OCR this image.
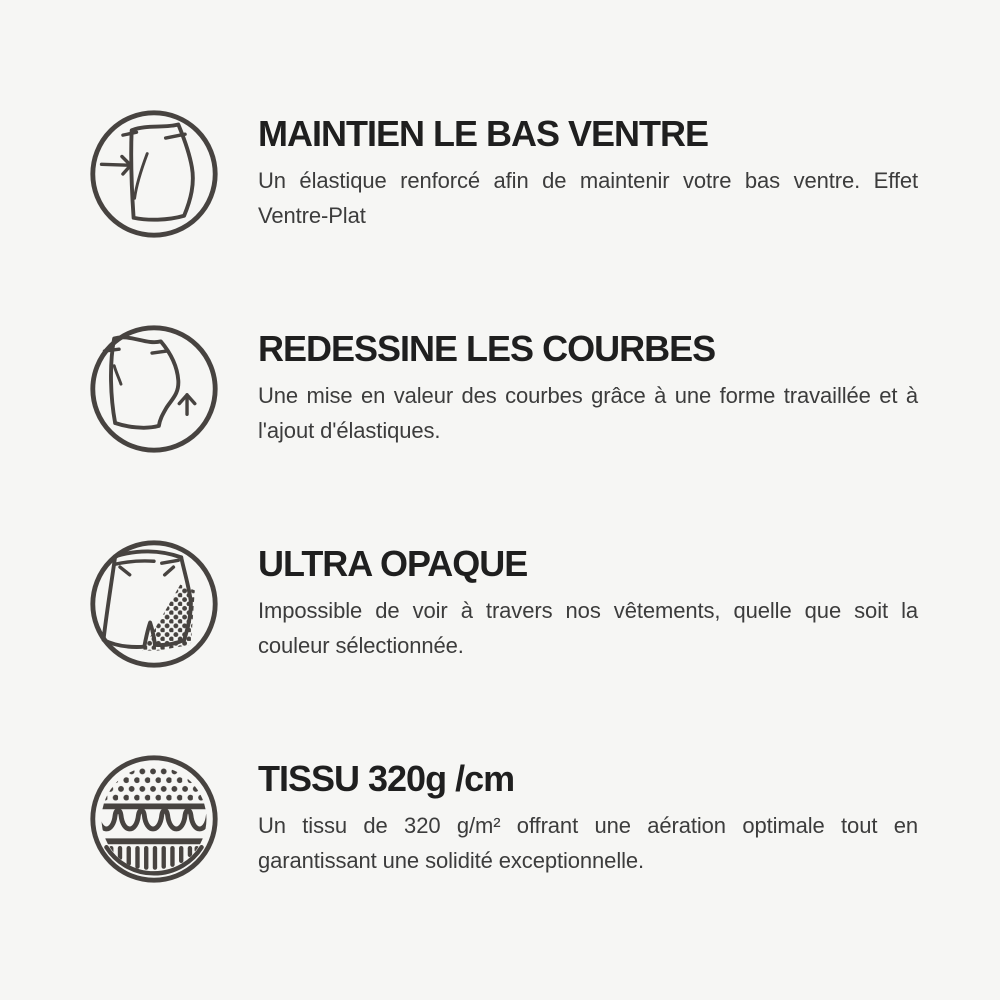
MAINTIEN LE BAS VENTRE

Un élastique renforcé afin de maintenir votre bas ventre. Effet Ventre-Plat

REDESSINE LES COURBES

Une mise en valeur des courbes grâce à une forme travaillée et à l'ajout d'élastiques.

ULTRA OPAQUE

Impossible de voir à travers nos vêtements, quelle que soit la couleur sélectionnée.

TISSU 320g /cm

Un tissu de 320 g/m² offrant une aération optimale tout en garantissant une solidité exceptionnelle.
